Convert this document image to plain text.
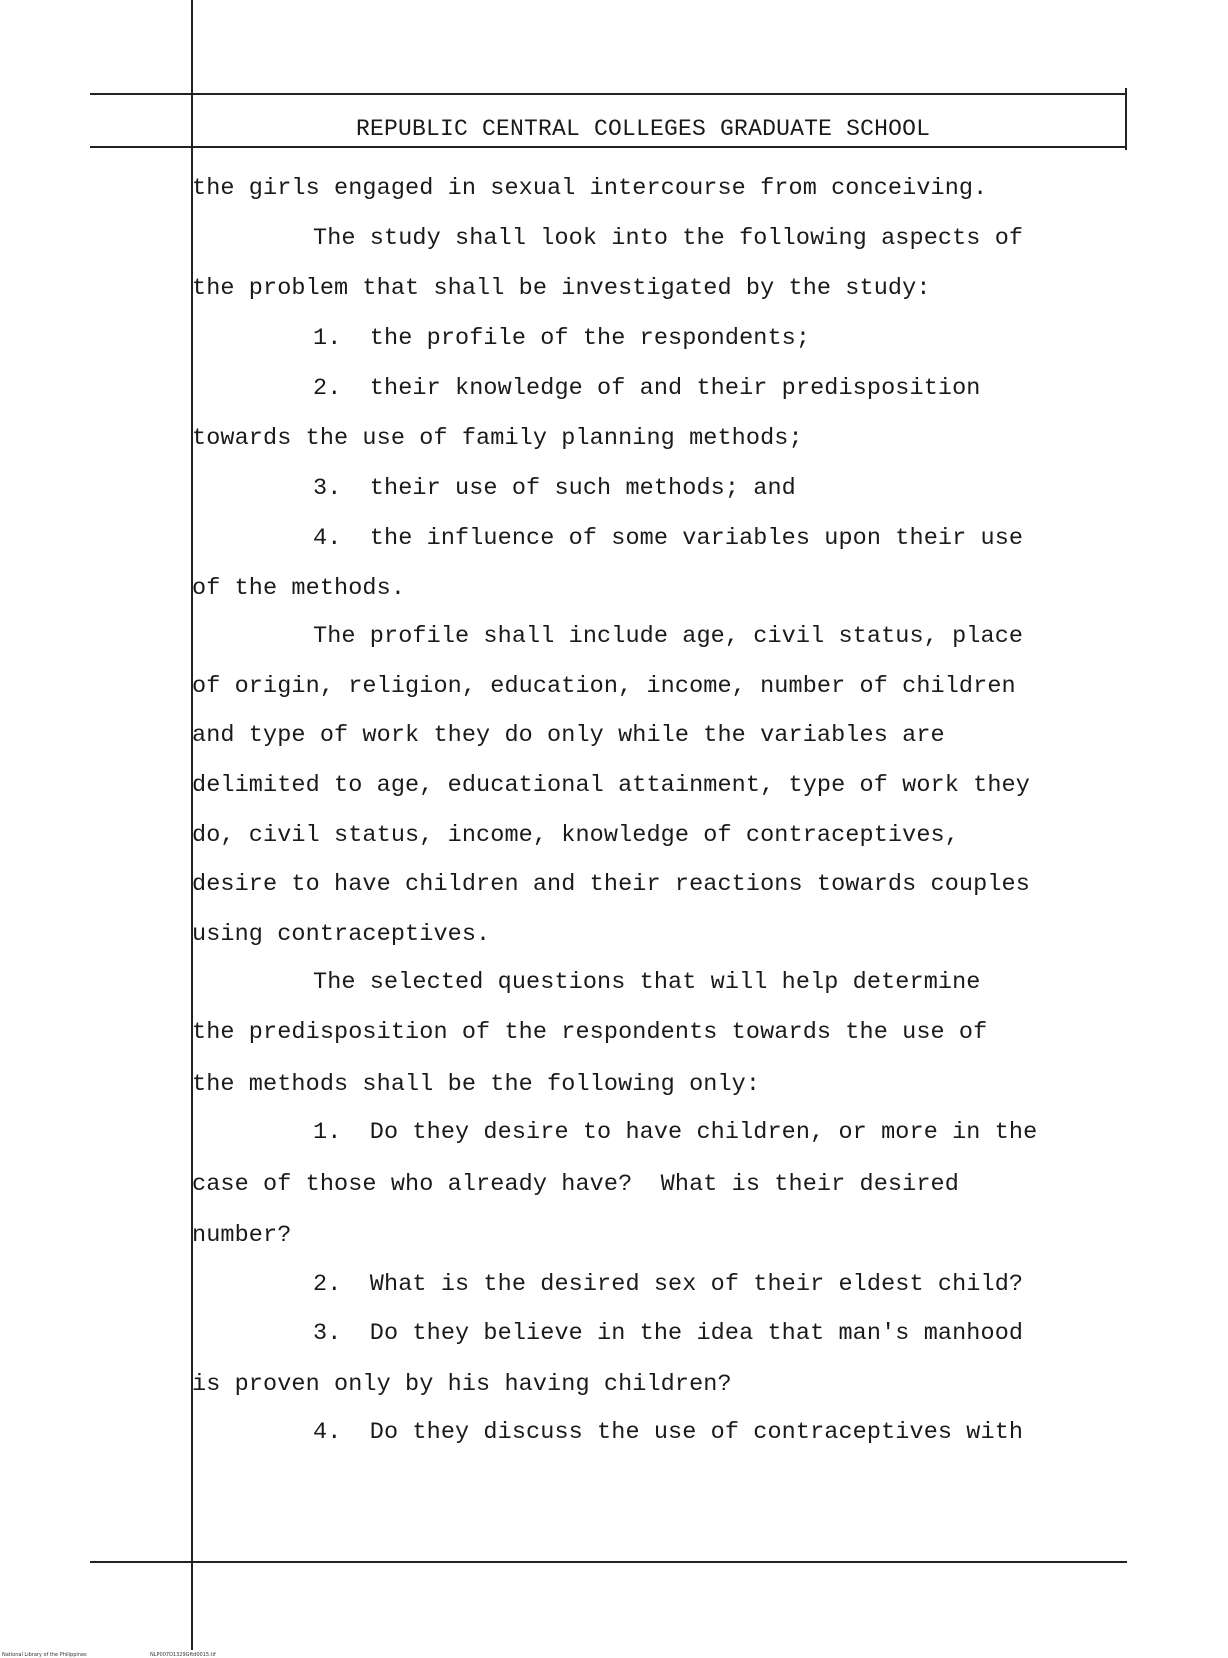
REPUBLIC CENTRAL COLLEGES GRADUATE SCHOOL
the girls engaged in sexual intercourse from conceiving.
The study shall look into the following aspects of
the problem that shall be investigated by the study:
1.  the profile of the respondents;
2.  their knowledge of and their predisposition
towards the use of family planning methods;
3.  their use of such methods; and
4.  the influence of some variables upon their use
of the methods.
The profile shall include age, civil status, place
of origin, religion, education, income, number of children
and type of work they do only while the variables are
delimited to age, educational attainment, type of work they
do, civil status, income, knowledge of contraceptives,
desire to have children and their reactions towards couples
using contraceptives.
The selected questions that will help determine
the predisposition of the respondents towards the use of
the methods shall be the following only:
1.  Do they desire to have children, or more in the
case of those who already have?  What is their desired
number?
2.  What is the desired sex of their eldest child?
3.  Do they believe in the idea that man's manhood
is proven only by his having children?
4.  Do they discuss the use of contraceptives with
National Library of the Philippines	NLP007D1329Gftd0015.tif
